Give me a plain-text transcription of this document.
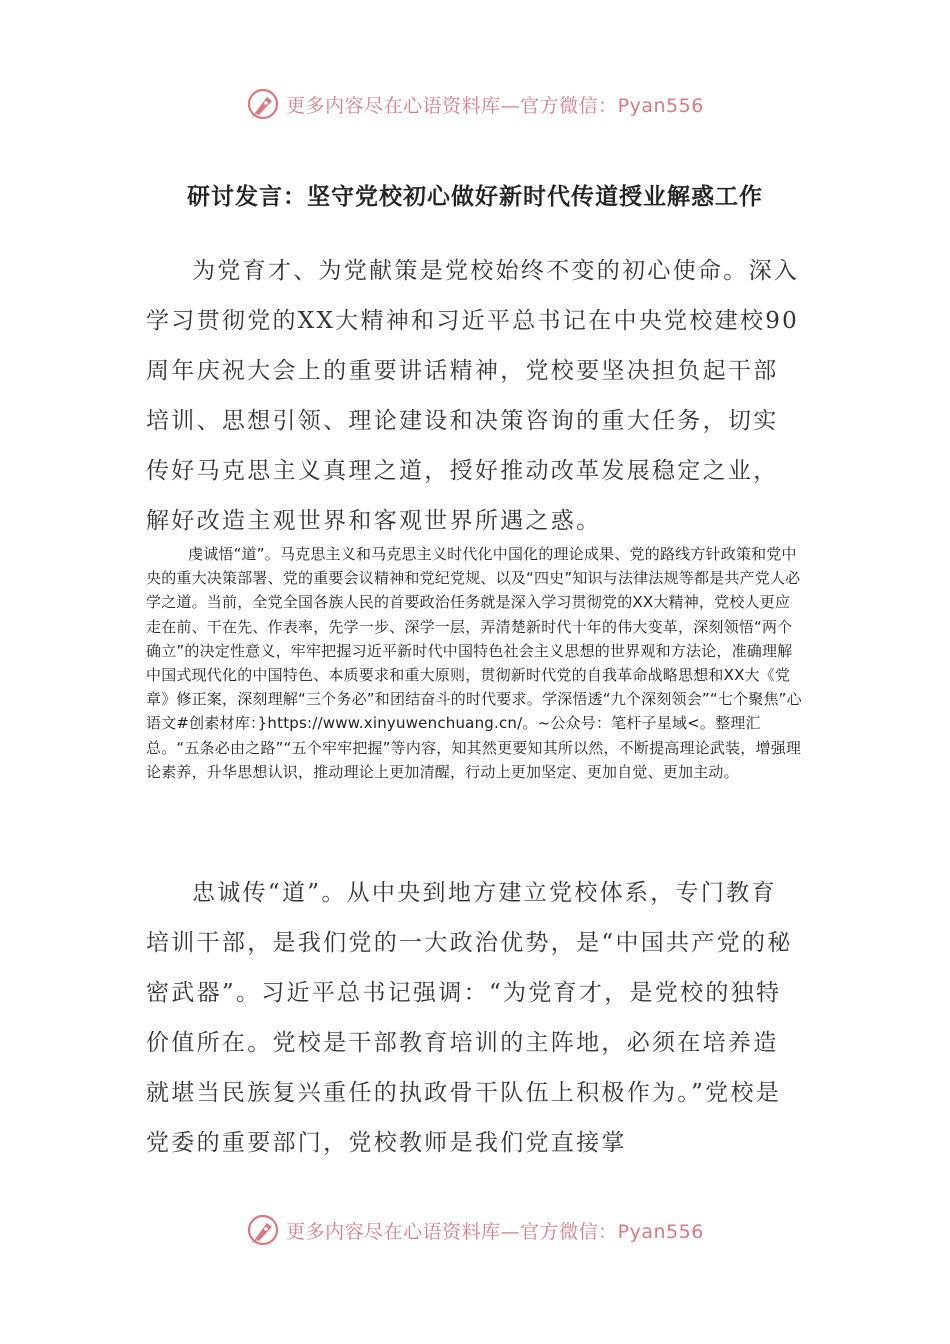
更多内容尽在心语资料库—官方微信：Pyan556
研讨发言：坚守党校初心做好新时代传道授业解惑工作

为党育才、为党献策是党校始终不变的初心使命。深入学习贯彻党的XX大精神和习近平总书记在中央党校建校90周年庆祝大会上的重要讲话精神，党校要坚决担负起干部培训、思想引领、理论建设和决策咨询的重大任务，切实传好马克思主义真理之道，授好推动改革发展稳定之业，解好改造主观世界和客观世界所遇之惑。

虔诚悟“道”。马克思主义和马克思主义时代化中国化的理论成果、党的路线方针政策和党中央的重大决策部署、党的重要会议精神和党纪党规、以及“四史”知识与法律法规等都是共产党人必学之道。当前，全党全国各族人民的首要政治任务就是深入学习贯彻党的XX大精神，党校人更应走在前、干在先、作表率，先学一步、深学一层，弄清楚新时代十年的伟大变革，深刻领悟“两个确立”的决定性意义，牢牢把握习近平新时代中国特色社会主义思想的世界观和方法论，准确理解中国式现代化的中国特色、本质要求和重大原则，贯彻新时代党的自我革命战略思想和XX大《党章》修正案，深刻理解“三个务必”和团结奋斗的时代要求。学深悟透“九个深刻领会”“七个聚焦”心语文#创素材库：}https://www.xinyuwenchuang.cn/。~公众号：笔杆子星域<。整理汇总。“五条必由之路”“五个牢牢把握”等内容，知其然更要知其所以然，不断提高理论武装，增强理论素养，升华思想认识，推动理论上更加清醒，行动上更加坚定、更加自觉、更加主动。

忠诚传“道”。从中央到地方建立党校体系，专门教育培训干部，是我们党的一大政治优势，是“中国共产党的秘密武器”。习近平总书记强调：“为党育才，是党校的独特价值所在。党校是干部教育培训的主阵地，必须在培养造就堪当民族复兴重任的执政骨干队伍上积极作为。”党校是党委的重要部门，党校教师是我们党直接掌

更多内容尽在心语资料库—官方微信：Pyan556
